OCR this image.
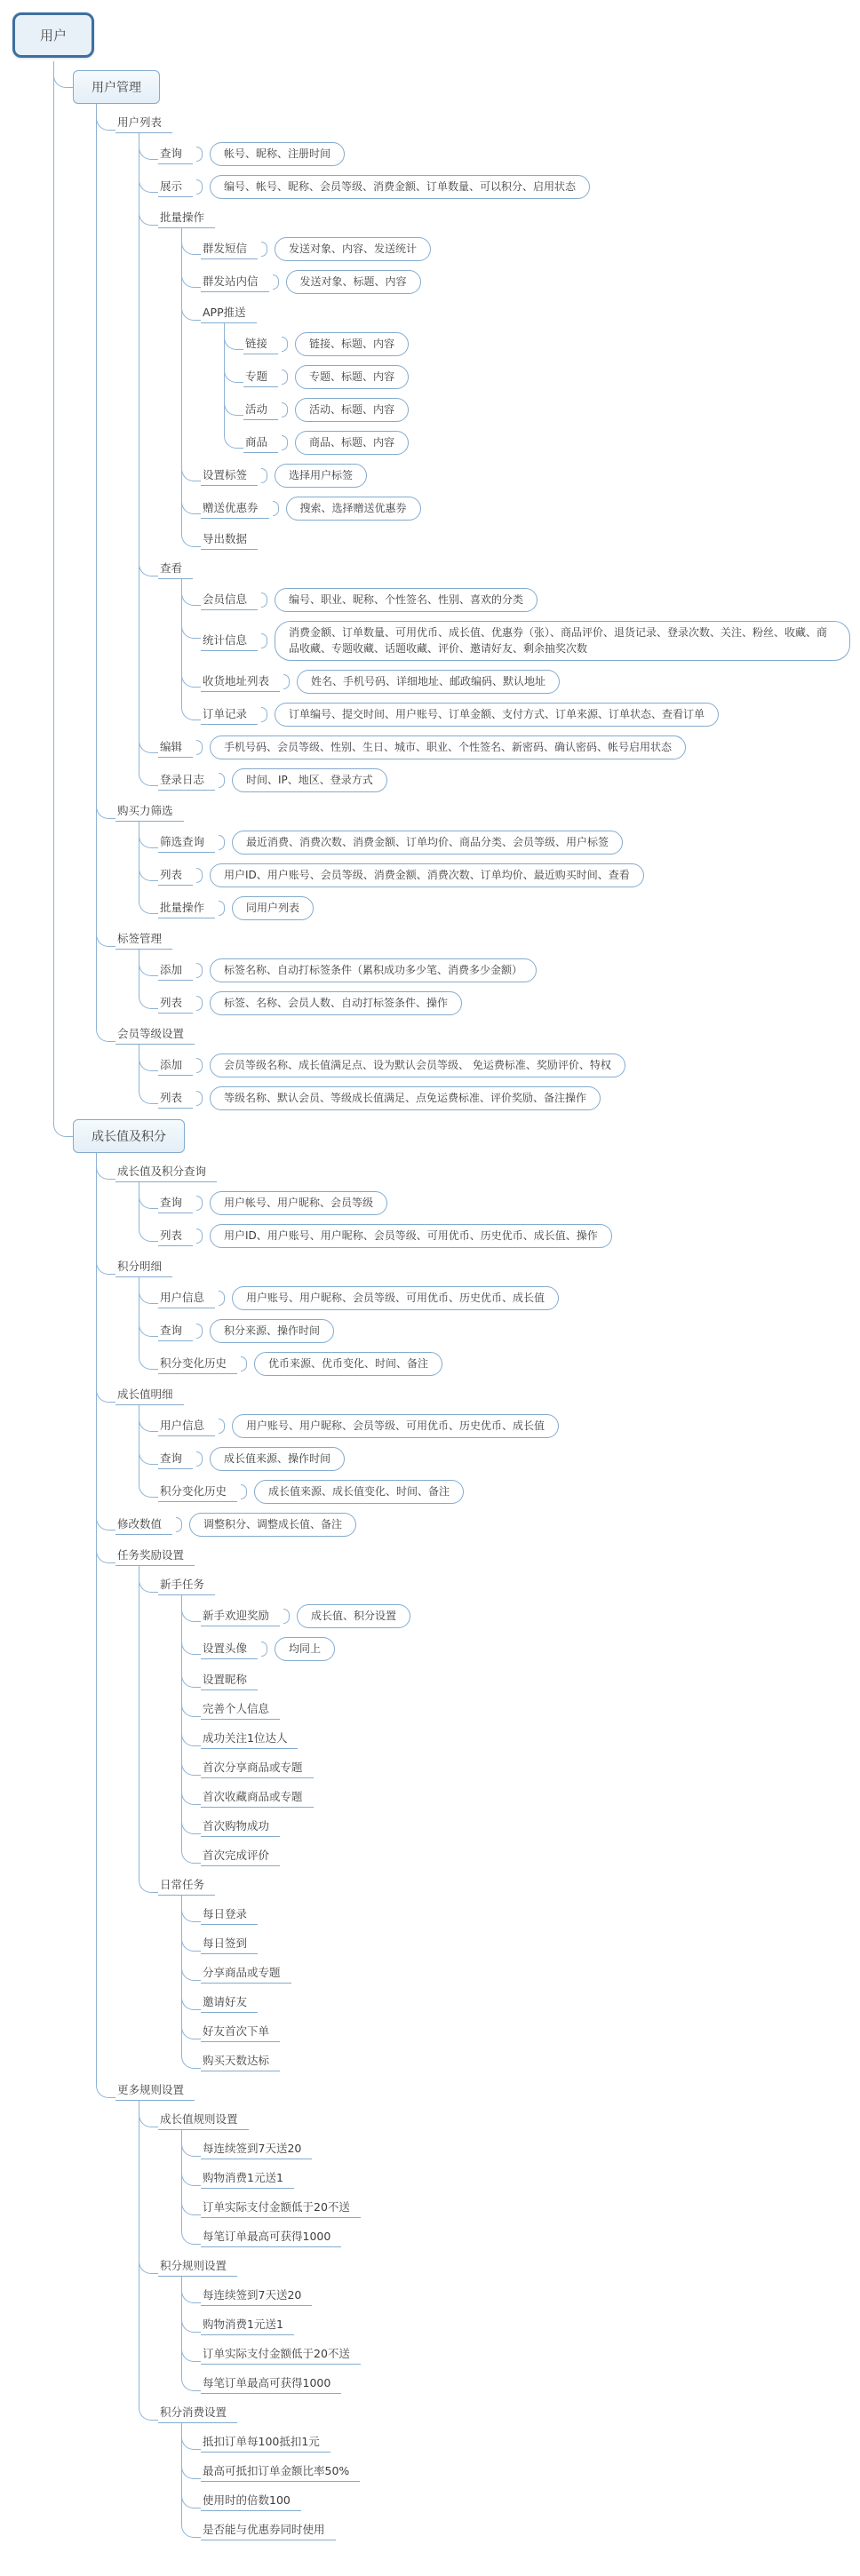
用户
用户管理
用户列表
查询	帐号、昵称、注册时间
展示	编号、帐号、昵称、会员等级、消费金额、订单数量、可以积分、启用状态
批量操作
群发短信	发送对象、内容、发送统计
群发站内信	发送对象、标题、内容
APP推送
链接	链接、标题、内容
专题	专题、标题、内容
活动	活动、标题、内容
商品	商品、标题、内容
设置标签	选择用户标签
赠送优惠券	搜索、选择赠送优惠券
导出数据
查看
会员信息	编号、职业、昵称、个性签名、性别、喜欢的分类
统计信息
消费金额、订单数量、可用优币、成长值、优惠券（张）、商品评价、退货记录、登录次数、关注、粉丝、收藏、商品收藏、专题收藏、话题收藏、评价、邀请好友、剩余抽奖次数
收货地址列表	姓名、手机号码、详细地址、邮政编码、默认地址
订单记录	订单编号、提交时间、用户账号、订单金额、支付方式、订单来源、订单状态、查看订单
编辑	手机号码、会员等级、性别、生日、城市、职业、个性签名、新密码、确认密码、帐号启用状态
登录日志	时间、IP、地区、登录方式
购买力筛选
筛选查询	最近消费、消费次数、消费金额、订单均价、商品分类、会员等级、用户标签
列表	用户ID、用户账号、会员等级、消费金额、消费次数、订单均价、最近购买时间、查看
批量操作	同用户列表
标签管理
添加	标签名称、自动打标签条件（累积成功多少笔、消费多少金额）
列表	标签、名称、会员人数、自动打标签条件、操作
会员等级设置
添加	会员等级名称、成长值满足点、设为默认会员等级、 免运费标准、奖励评价、特权
列表	等级名称、默认会员、等级成长值满足、点免运费标准、评价奖励、备注操作
成长值及积分
成长值及积分查询
查询	用户帐号、用户昵称、会员等级
列表	用户ID、用户账号、用户昵称、会员等级、可用优币、历史优币、成长值、操作
积分明细
用户信息	用户账号、用户昵称、会员等级、可用优币、历史优币、成长值
查询	积分来源、操作时间
积分变化历史	优币来源、优币变化、时间、备注
成长值明细
用户信息	用户账号、用户昵称、会员等级、可用优币、历史优币、成长值
查询	成长值来源、操作时间
积分变化历史	成长值来源、成长值变化、时间、备注
修改数值	调整积分、调整成长值、备注
任务奖励设置
新手任务
新手欢迎奖励	成长值、积分设置
设置头像	均同上
设置昵称
完善个人信息
成功关注1位达人
首次分享商品或专题
首次收藏商品或专题
首次购物成功
首次完成评价
日常任务
每日登录
每日签到
分享商品或专题
邀请好友
好友首次下单
购买天数达标
更多规则设置
成长值规则设置
每连续签到7天送20
购物消费1元送1
订单实际支付金额低于20不送
每笔订单最高可获得1000
积分规则设置
每连续签到7天送20
购物消费1元送1
订单实际支付金额低于20不送
每笔订单最高可获得1000
积分消费设置
抵扣订单每100抵扣1元
最高可抵扣订单金额比率50%
使用时的倍数100
是否能与优惠券同时使用
